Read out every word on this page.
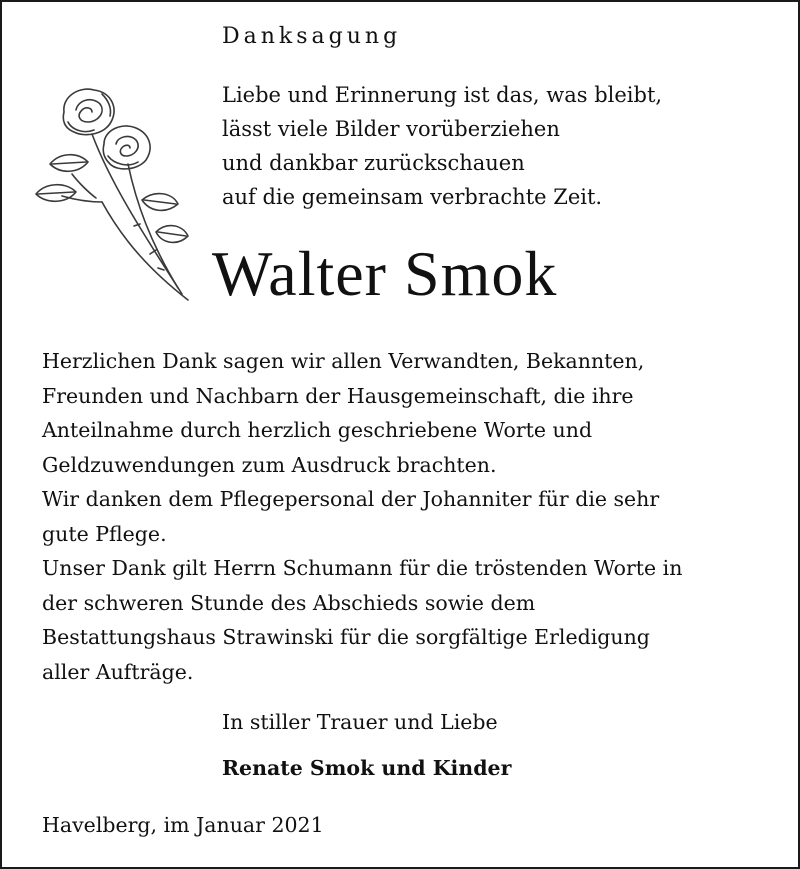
Danksagung
Liebe und Erinnerung ist das, was bleibt,
lässt viele Bilder vorüberziehen
und dankbar zurückschauen
auf die gemeinsam verbrachte Zeit.
Walter Smok
Herzlichen Dank sagen wir allen Verwandten, Bekannten,
Freunden und Nachbarn der Hausgemeinschaft, die ihre
Anteilnahme durch herzlich geschriebene Worte und
Geldzuwendungen zum Ausdruck brachten.
Wir danken dem Pflegepersonal der Johanniter für die sehr
gute Pflege.
Unser Dank gilt Herrn Schumann für die tröstenden Worte in
der schweren Stunde des Abschieds sowie dem
Bestattungshaus Strawinski für die sorgfältige Erledigung
aller Aufträge.
In stiller Trauer und Liebe
Renate Smok und Kinder
Havelberg, im Januar 2021
